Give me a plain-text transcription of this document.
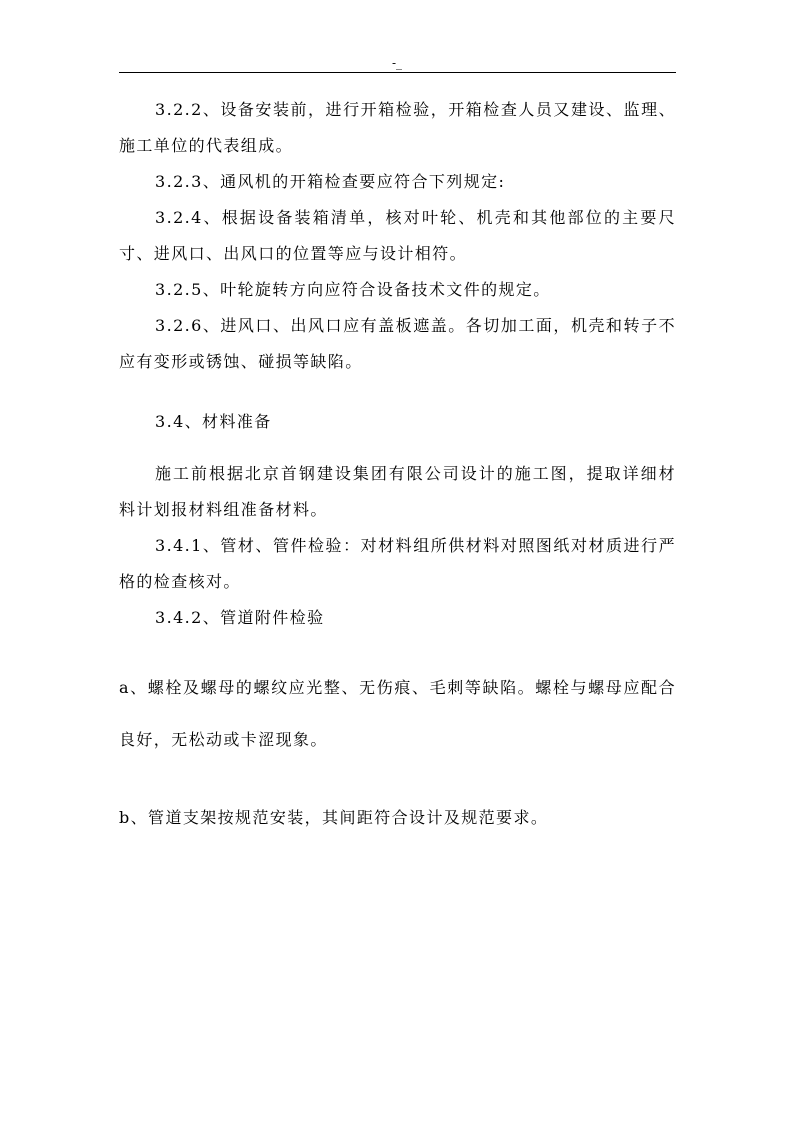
-_

3.2.2、设备安装前，进行开箱检验，开箱检查人员又建设、监理、施工单位的代表组成。

3.2.3、通风机的开箱检查要应符合下列规定:

3.2.4、根据设备装箱清单，核对叶轮、机壳和其他部位的主要尺寸、进风口、出风口的位置等应与设计相符。

3.2.5、叶轮旋转方向应符合设备技术文件的规定。

3.2.6、进风口、出风口应有盖板遮盖。各切加工面，机壳和转子不应有变形或锈蚀、碰损等缺陷。

3.4、材料准备

施工前根据北京首钢建设集团有限公司设计的施工图，提取详细材料计划报材料组准备材料。

3.4.1、管材、管件检验：对材料组所供材料对照图纸对材质进行严格的检查核对。

3.4.2、管道附件检验

a、螺栓及螺母的螺纹应光整、无伤痕、毛刺等缺陷。螺栓与螺母应配合良好，无松动或卡涩现象。

b、管道支架按规范安装，其间距符合设计及规范要求。
